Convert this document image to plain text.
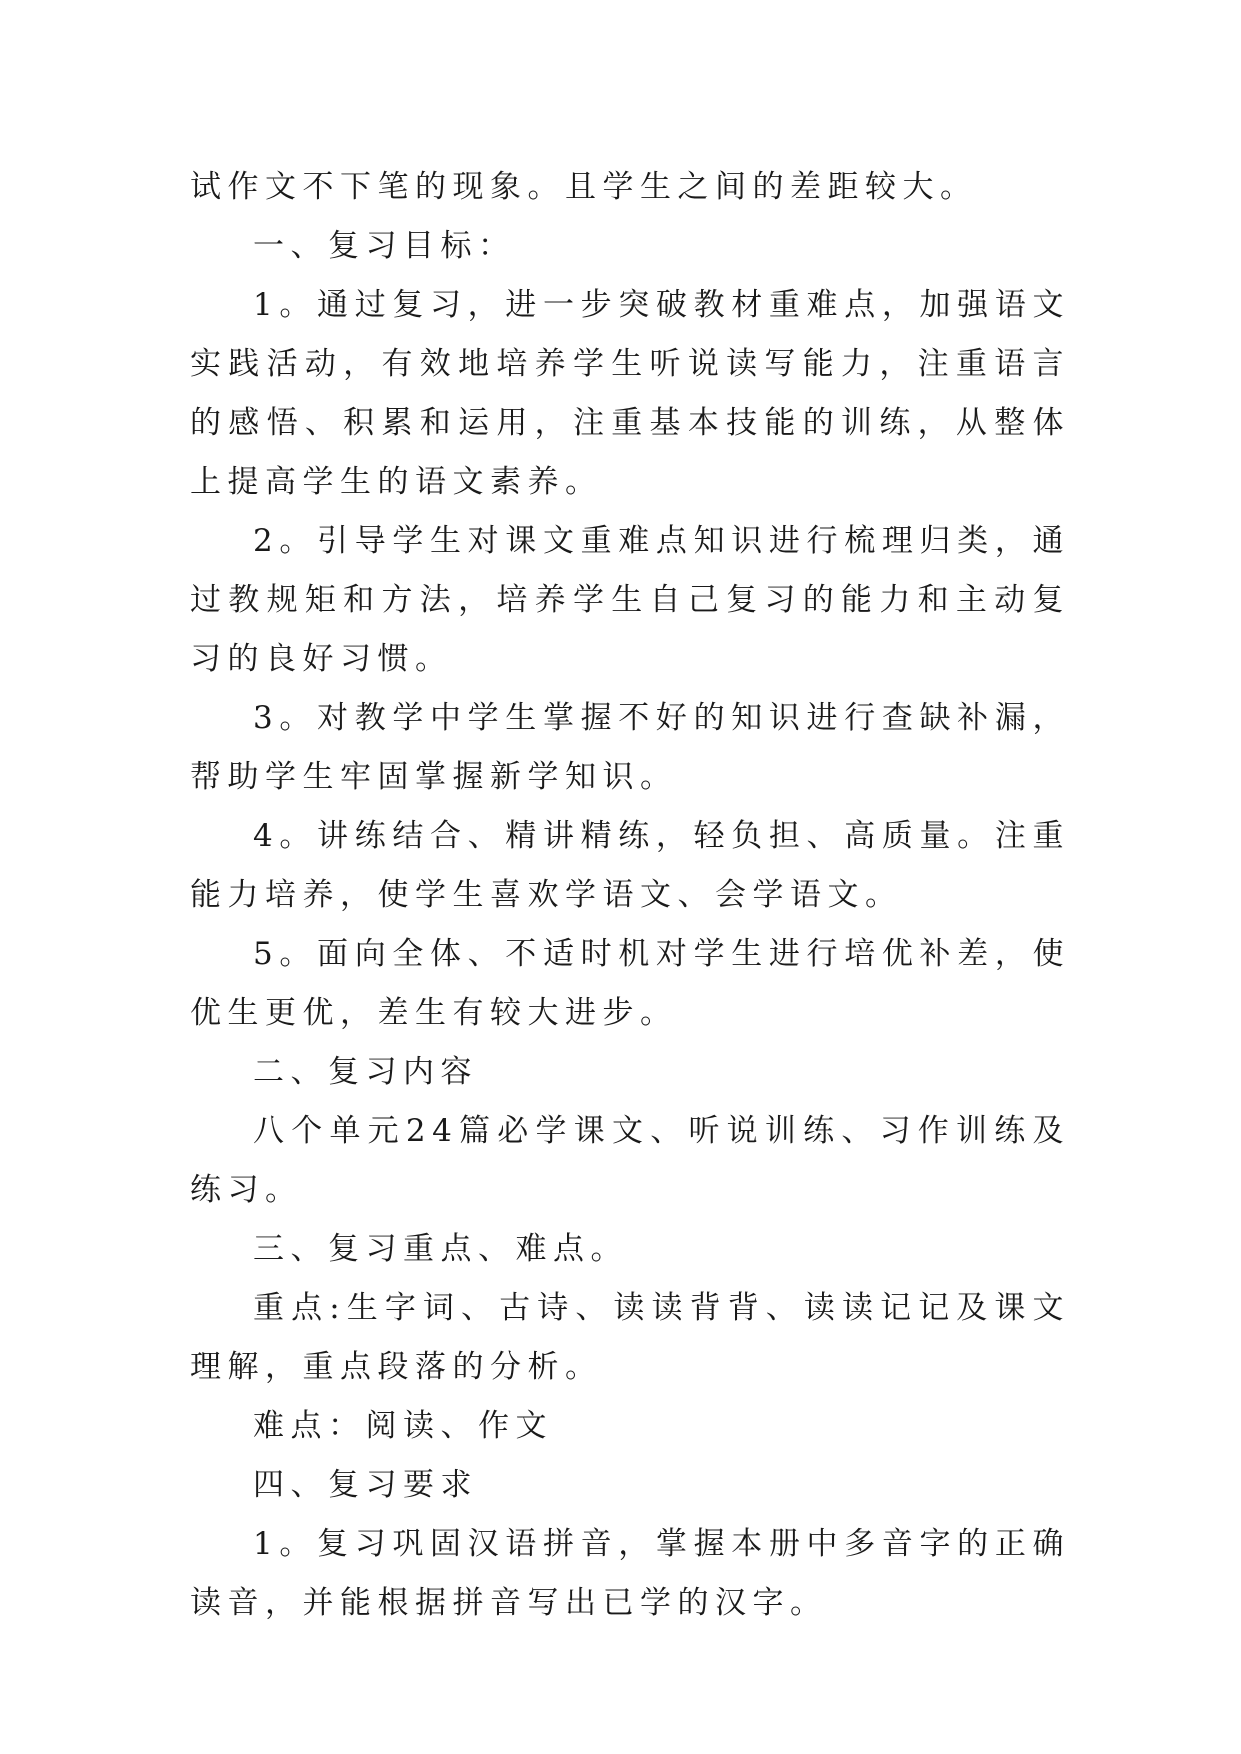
试作文不下笔的现象。且学生之间的差距较大。

一、复习目标：

1。通过复习，进一步突破教材重难点，加强语文实践活动，有效地培养学生听说读写能力，注重语言的感悟、积累和运用，注重基本技能的训练，从整体上提高学生的语文素养。

2。引导学生对课文重难点知识进行梳理归类，通过教规矩和方法，培养学生自己复习的能力和主动复习的良好习惯。

3。对教学中学生掌握不好的知识进行查缺补漏，帮助学生牢固掌握新学知识。

4。讲练结合、精讲精练，轻负担、高质量。注重能力培养，使学生喜欢学语文、会学语文。

5。面向全体、不适时机对学生进行培优补差，使优生更优，差生有较大进步。

二、复习内容

八个单元24篇必学课文、听说训练、习作训练及练习。

三、复习重点、难点。

重点:生字词、古诗、读读背背、读读记记及课文理解，重点段落的分析。

难点：阅读、作文

四、复习要求

1。复习巩固汉语拼音，掌握本册中多音字的正确读音，并能根据拼音写出已学的汉字。
